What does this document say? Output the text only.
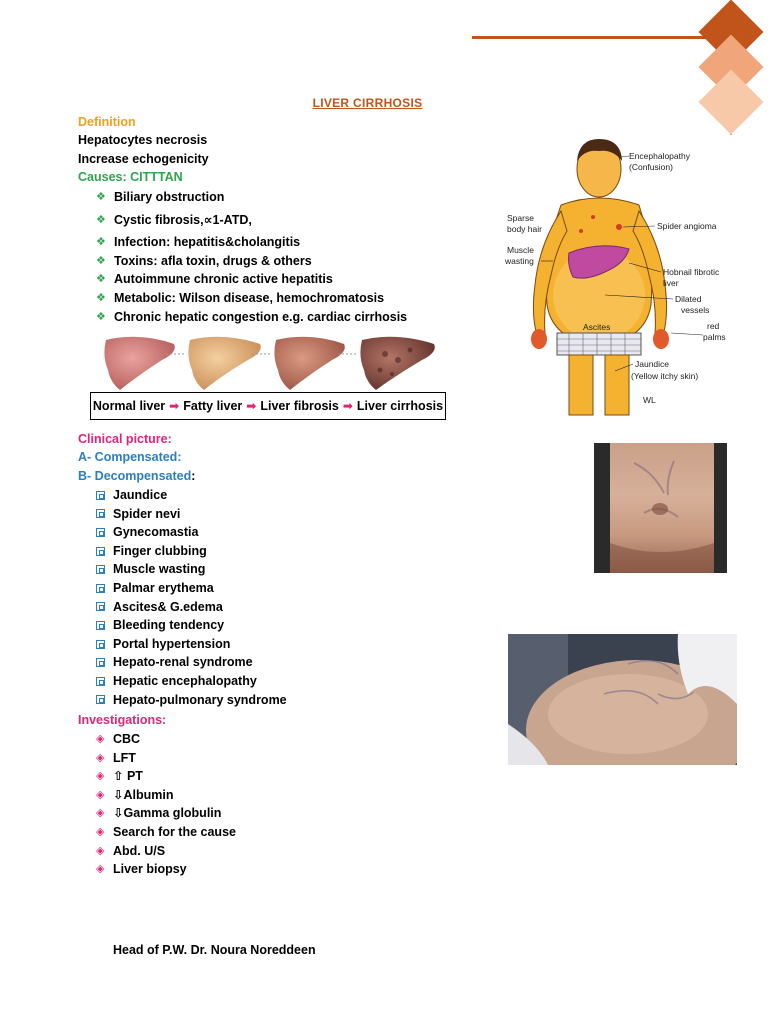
LIVER CIRRHOSIS
Definition
Hepatocytes necrosis
Increase echogenicity
Causes: CITTTAN
❖ Biliary obstruction
❖ Cystic fibrosis,∝1-ATD,
❖ Infection: hepatitis&cholangitis
❖ Toxins: afla toxin, drugs & others
❖ Autoimmune chronic active hepatitis
❖ Metabolic: Wilson disease, hemochromatosis
❖ Chronic hepatic congestion e.g. cardiac cirrhosis
Normal liver ➡ Fatty liver ➡ Liver fibrosis ➡ Liver cirrhosis
Clinical picture:
A- Compensated:
B- Decompensated:
Jaundice
Spider nevi
Gynecomastia
Finger clubbing
Muscle wasting
Palmar erythema
Ascites& G.edema
Bleeding tendency
Portal hypertension
Hepato-renal syndrome
Hepatic encephalopathy
Hepato-pulmonary syndrome
Investigations:
◈ CBC
◈ LFT
◈ ⇧ PT
◈ ⇩Albumin
◈ ⇩Gamma globulin
◈ Search for the cause
◈ Abd. U/S
◈ Liver biopsy
Head of P.W. Dr. Noura Noreddeen
Encephalopathy
(Confusion)
Sparse
body hair	Spider angioma
Muscle
wasting
Hobnail fibrotic
liver
Dilated
vessels
Ascites	red
palms
Jaundice
(Yellow itchy skin)
WL
